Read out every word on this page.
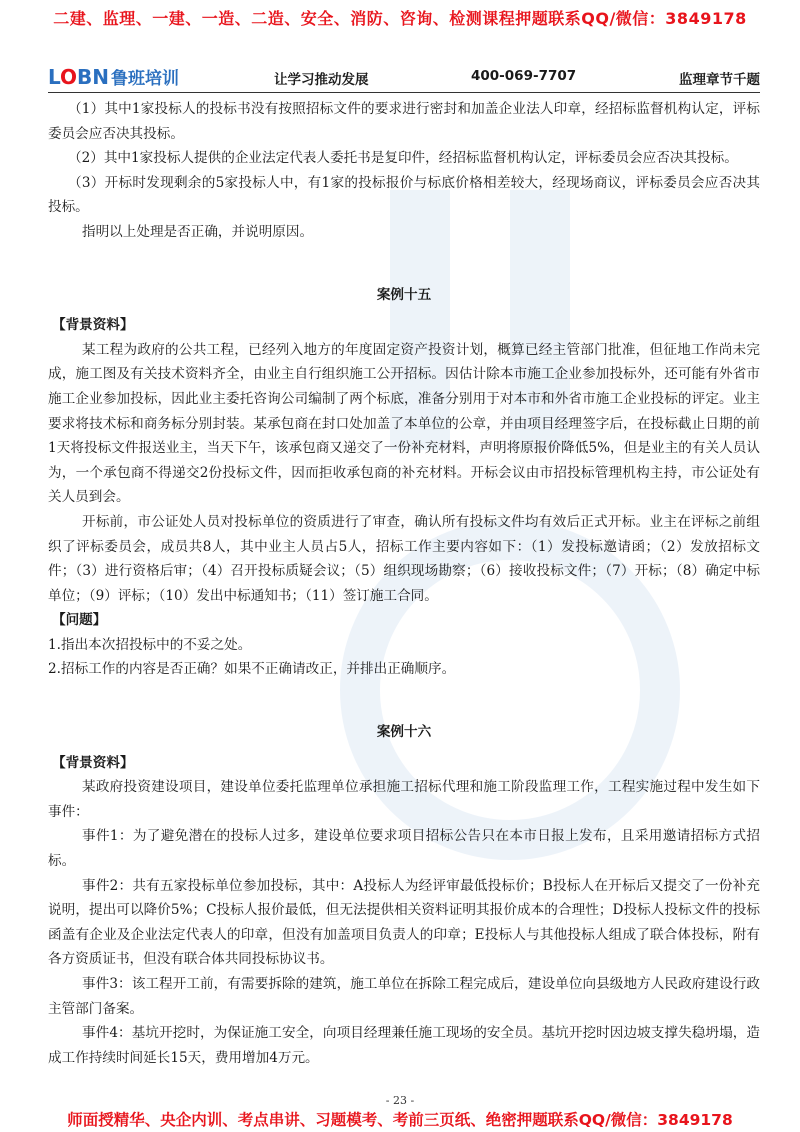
二建、监理、一建、一造、二造、安全、消防、咨询、检测课程押题联系QQ/微信：3849178
LOBN 鲁班培训	让学习推动发展	400-069-7707	监理章节千题

（1）其中1家投标人的投标书没有按照招标文件的要求进行密封和加盖企业法人印章，经招标监督机构认定，评标委员会应否决其投标。

（2）其中1家投标人提供的企业法定代表人委托书是复印件，经招标监督机构认定，评标委员会应否决其投标。

（3）开标时发现剩余的5家投标人中，有1家的投标报价与标底价格相差较大，经现场商议，评标委员会应否决其投标。

指明以上处理是否正确，并说明原因。

案例十五

【背景资料】

某工程为政府的公共工程，已经列入地方的年度固定资产投资计划，概算已经主管部门批准，但征地工作尚未完成，施工图及有关技术资料齐全，由业主自行组织施工公开招标。因估计除本市施工企业参加投标外，还可能有外省市施工企业参加投标，因此业主委托咨询公司编制了两个标底，准备分别用于对本市和外省市施工企业投标的评定。业主要求将技术标和商务标分别封装。某承包商在封口处加盖了本单位的公章，并由项目经理签字后，在投标截止日期的前1天将投标文件报送业主，当天下午，该承包商又递交了一份补充材料，声明将原报价降低5%，但是业主的有关人员认为，一个承包商不得递交2份投标文件，因而拒收承包商的补充材料。开标会议由市招投标管理机构主持，市公证处有关人员到会。

开标前，市公证处人员对投标单位的资质进行了审查，确认所有投标文件均有效后正式开标。业主在评标之前组织了评标委员会，成员共8人，其中业主人员占5人，招标工作主要内容如下：（1）发投标邀请函；（2）发放招标文件；（3）进行资格后审；（4）召开投标质疑会议；（5）组织现场勘察；（6）接收投标文件；（7）开标；（8）确定中标单位；（9）评标；（10）发出中标通知书；（11）签订施工合同。

【问题】

1.指出本次招投标中的不妥之处。

2.招标工作的内容是否正确？如果不正确请改正，并排出正确顺序。

案例十六

【背景资料】

某政府投资建设项目，建设单位委托监理单位承担施工招标代理和施工阶段监理工作，工程实施过程中发生如下事件：

事件1：为了避免潜在的投标人过多，建设单位要求项目招标公告只在本市日报上发布，且采用邀请招标方式招标。

事件2：共有五家投标单位参加投标，其中：A投标人为经评审最低投标价；B投标人在开标后又提交了一份补充说明，提出可以降价5%；C投标人报价最低，但无法提供相关资料证明其报价成本的合理性；D投标人投标文件的投标函盖有企业及企业法定代表人的印章，但没有加盖项目负责人的印章；E投标人与其他投标人组成了联合体投标，附有各方资质证书，但没有联合体共同投标协议书。

事件3：该工程开工前，有需要拆除的建筑，施工单位在拆除工程完成后，建设单位向县级地方人民政府建设行政主管部门备案。

事件4：基坑开挖时，为保证施工安全，向项目经理兼任施工现场的安全员。基坑开挖时因边坡支撑失稳坍塌，造成工作持续时间延长15天，费用增加4万元。

- 23 -
师面授精华、央企内训、考点串讲、习题模考、考前三页纸、绝密押题联系QQ/微信：3849178
